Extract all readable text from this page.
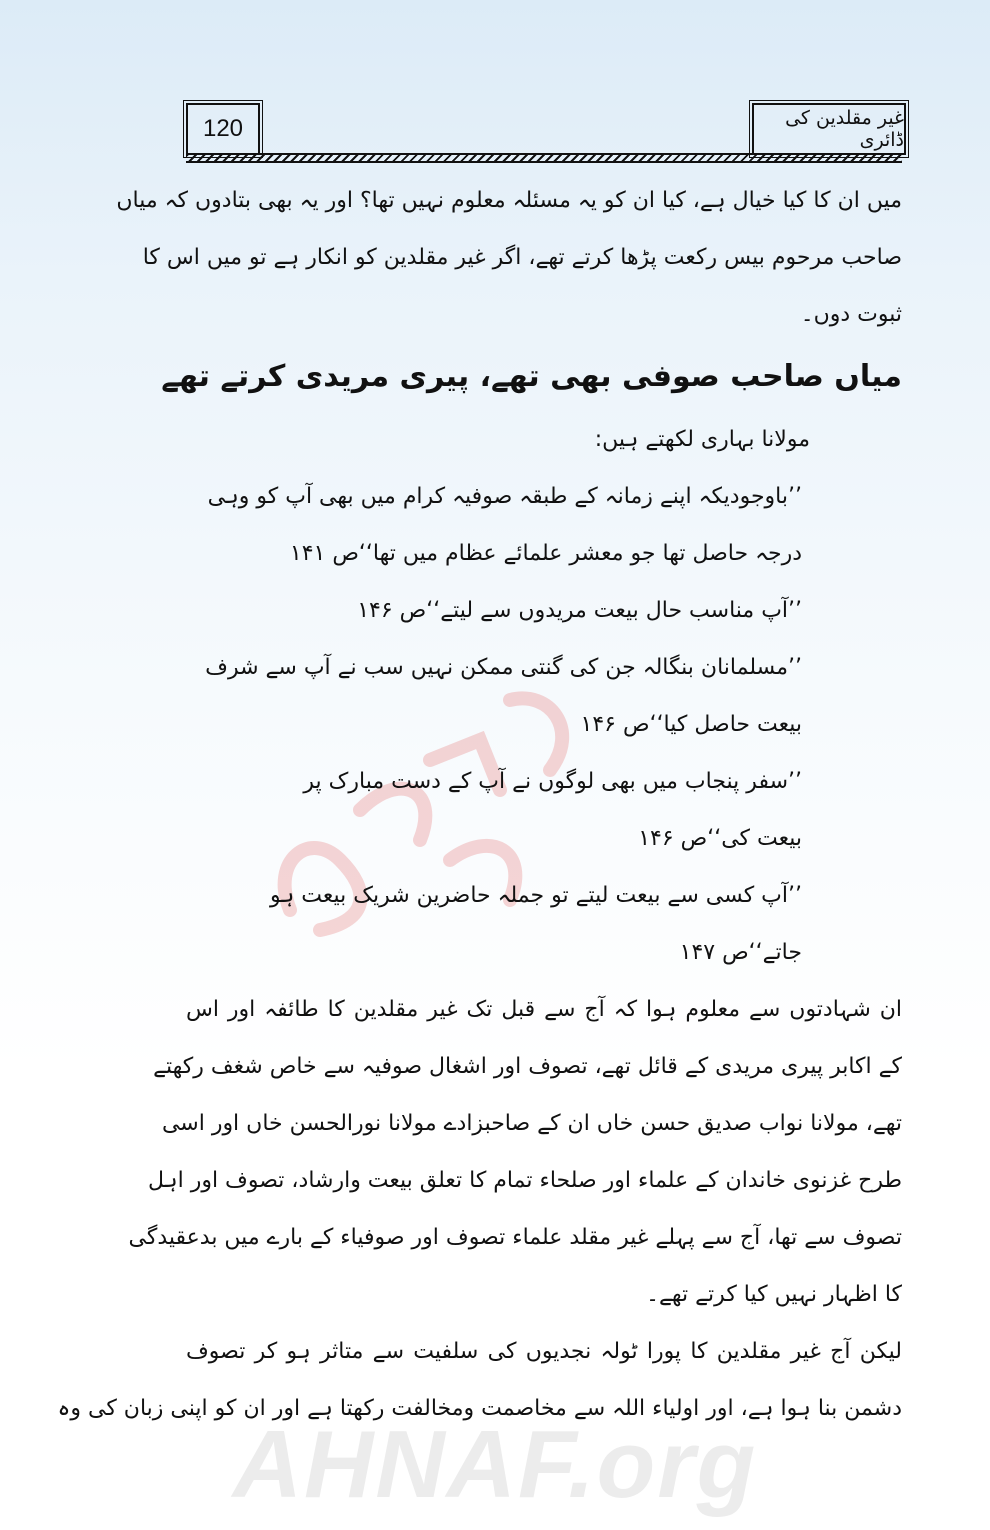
120	غیر مقلدین کی ڈائری
میں ان کا کیا خیال ہے، کیا ان کو یہ مسئلہ معلوم نہیں تھا؟ اور یہ بھی بتادوں کہ میاں
صاحب مرحوم بیس رکعت پڑھا کرتے تھے، اگر غیر مقلدین کو انکار ہے تو میں اس کا
ثبوت دوں۔
میاں صاحب صوفی بھی تھے، پیری مریدی کرتے تھے
مولانا بہاری لکھتے ہیں:
’’باوجودیکہ اپنے زمانہ کے طبقہ صوفیہ کرام میں بھی آپ کو وہی
درجہ حاصل تھا جو معشر علمائے عظام میں تھا‘‘ص ۱۴۱
’’آپ مناسب حال بیعت مریدوں سے لیتے‘‘ص ۱۴۶
’’مسلمانان بنگالہ جن کی گنتی ممکن نہیں سب نے آپ سے شرف
بیعت حاصل کیا‘‘ص ۱۴۶
’’سفر پنجاب میں بھی لوگوں نے آپ کے دست مبارک پر
بیعت کی‘‘ص ۱۴۶
’’آپ کسی سے بیعت لیتے تو جملہ حاضرین شریک بیعت ہو
جاتے‘‘ص ۱۴۷
ان شہادتوں سے معلوم ہوا کہ آج سے قبل تک غیر مقلدین کا طائفہ اور اس
کے اکابر پیری مریدی کے قائل تھے، تصوف اور اشغال صوفیہ سے خاص شغف رکھتے
تھے، مولانا نواب صدیق حسن خاں ان کے صاحبزادے مولانا نورالحسن خاں اور اسی
طرح غزنوی خاندان کے علماء اور صلحاء تمام کا تعلق بیعت وارشاد، تصوف اور اہل
تصوف سے تھا، آج سے پہلے غیر مقلد علماء تصوف اور صوفیاء کے بارے میں بدعقیدگی
کا اظہار نہیں کیا کرتے تھے۔
لیکن آج غیر مقلدین کا پورا ٹولہ نجدیوں کی سلفیت سے متاثر ہو کر تصوف
دشمن بنا ہوا ہے، اور اولیاء اللہ سے مخاصمت ومخالفت رکھتا ہے اور ان کو اپنی زبان کی وہ
AHNAF.org
